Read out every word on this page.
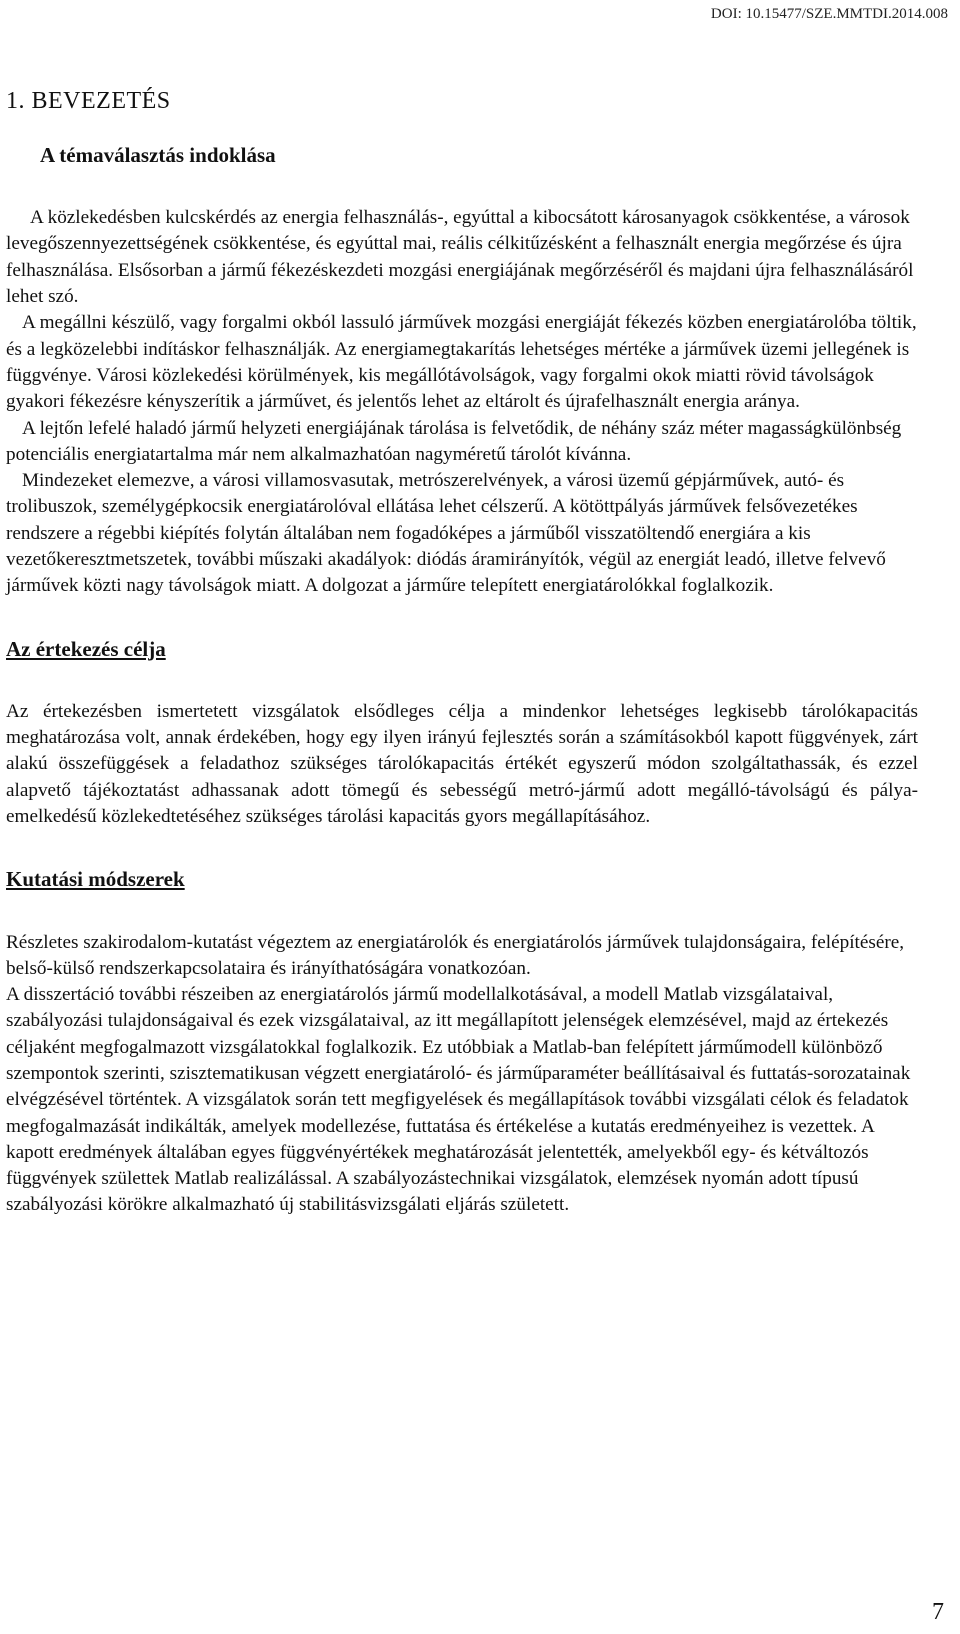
DOI: 10.15477/SZE.MMTDI.2014.008
1. BEVEZETÉS
A témaválasztás indoklása

A közlekedésben kulcskérdés az energia felhasználás-, egyúttal a kibocsátott károsanyagok csökkentése, a városok levegőszennyezettségének csökkentése, és egyúttal mai, reális célkitűzésként a felhasznált energia megőrzése és újra felhasználása. Elsősorban a jármű fékezéskezdeti mozgási energiájának megőrzéséről és majdani újra felhasználásáról lehet szó.

A megállni készülő, vagy forgalmi okból lassuló járművek mozgási energiáját fékezés közben energiatárolóba töltik, és a legközelebbi indításkor felhasználják. Az energiamegtakarítás lehetséges mértéke a járművek üzemi jellegének is függvénye. Városi közlekedési körülmények, kis megállótávolságok, vagy forgalmi okok miatti rövid távolságok gyakori fékezésre kényszerítik a járművet, és jelentős lehet az eltárolt és újrafelhasznált energia aránya.

A lejtőn lefelé haladó jármű helyzeti energiájának tárolása is felvetődik, de néhány száz méter magasságkülönbség potenciális energiatartalma már nem alkalmazhatóan nagyméretű tárolót kívánna.

Mindezeket elemezve, a városi villamosvasutak, metrószerelvények, a városi üzemű gépjárművek, autó- és trolibuszok, személygépkocsik energiatárolóval ellátása lehet célszerű. A kötöttpályás járművek felsővezetékes rendszere a régebbi kiépítés folytán általában nem fogadóképes a járműből visszatöltendő energiára a kis vezetőkeresztmetszetek, további műszaki akadályok: diódás áramirányítók, végül az energiát leadó, illetve felvevő járművek közti nagy távolságok miatt. A dolgozat a járműre telepített energiatárolókkal foglalkozik.

Az értekezés célja

Az értekezésben ismertetett vizsgálatok elsődleges célja a mindenkor lehetséges legkisebb tárolókapacitás meghatározása volt, annak érdekében, hogy egy ilyen irányú fejlesztés során a számításokból kapott függvények, zárt alakú összefüggések a feladathoz szükséges tárolókapacitás értékét egyszerű módon szolgáltathassák, és ezzel alapvető tájékoztatást adhassanak adott tömegű és sebességű metró-jármű adott megálló-távolságú és pálya-emelkedésű közlekedtetéséhez szükséges tárolási kapacitás gyors megállapításához.

Kutatási módszerek

Részletes szakirodalom-kutatást végeztem az energiatárolók és energiatárolós járművek tulajdonságaira, felépítésére, belső-külső rendszerkapcsolataira és irányíthatóságára vonatkozóan.

A disszertáció további részeiben az energiatárolós jármű modellalkotásával, a modell Matlab vizsgálataival, szabályozási tulajdonságaival és ezek vizsgálataival, az itt megállapított jelenségek elemzésével, majd az értekezés céljaként megfogalmazott vizsgálatokkal foglalkozik. Ez utóbbiak a Matlab-ban felépített járműmodell különböző szempontok szerinti, szisztematikusan végzett energiatároló- és járműparaméter beállításaival és futtatás-sorozatainak elvégzésével történtek. A vizsgálatok során tett megfigyelések és megállapítások további vizsgálati célok és feladatok megfogalmazását indikálták, amelyek modellezése, futtatása és értékelése a kutatás eredményeihez is vezettek. A kapott eredmények általában egyes függvényértékek meghatározását jelentették, amelyekből egy- és kétváltozós függvények születtek Matlab realizálással. A szabályozástechnikai vizsgálatok, elemzések nyomán adott típusú szabályozási körökre alkalmazható új stabilitásvizsgálati eljárás született.

7
